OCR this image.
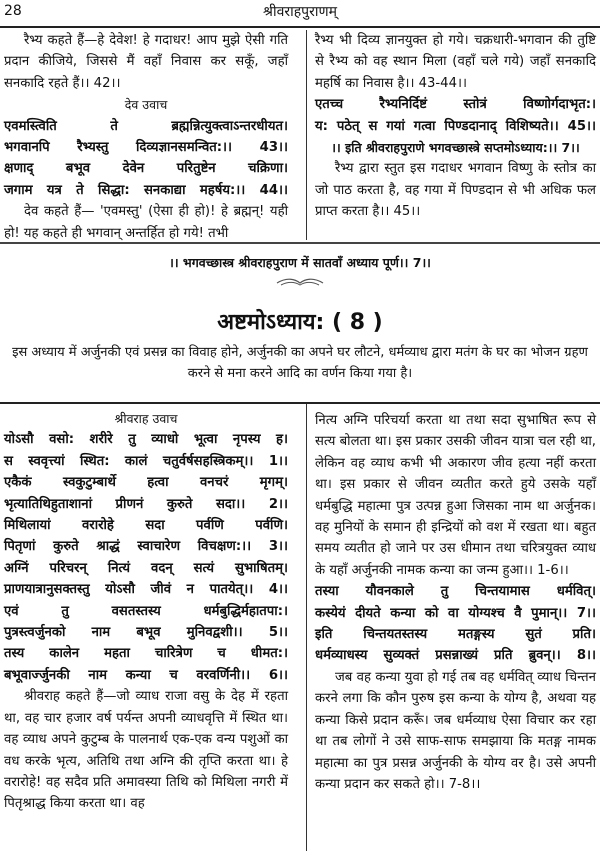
28	श्रीवराहपुराणम्

रैभ्य कहते हैं—हे देवेश! हे गदाधर! आप मुझे ऐसी गति प्रदान कीजिये, जिससे मैं वहाँ निवास कर सकूँ, जहाँ सनकादि रहते हैं।। 42।।

देव उवाच

एवमस्त्विति ते ब्रह्मन्नित्युक्त्वाऽन्तरधीयत।

भगवानपि रैभ्यस्तु दिव्यज्ञानसमन्वित:।। 43।।

क्षणाद् बभूव देवेन परितुष्टेन चक्रिणा।

जगाम यत्र ते सिद्धा: सनकाद्या महर्षय:।। 44।।

देव कहते हैं— 'एवमस्तु' (ऐसा ही हो)! हे ब्रह्मन्! यही हो! यह कहते ही भगवान् अन्तर्हित हो गये! तभी

रैभ्य भी दिव्य ज्ञानयुक्त हो गये। चक्रधारी-भगवान की तुष्टि से रैभ्य को वह स्थान मिला (वहाँ चले गये) जहाँ सनकादि महर्षि का निवास है।। 43-44।।

एतच्च रैभ्यनिर्दिष्टं स्तोत्रं विष्णोर्गदाभृत:।

य: पठेत् स गयां गत्वा पिण्डदानाद् विशिष्यते।। 45।।

।। इति श्रीवराहपुराणे भगवच्छास्त्रे सप्तमोऽध्याय:।। 7।।

रैभ्य द्वारा स्तुत इस गदाधर भगवान विष्णु के स्तोत्र का जो पाठ करता है, वह गया में पिण्डदान से भी अधिक फल प्राप्त करता है।। 45।।

।। भगवच्छास्त्र श्रीवराहपुराण में सातवाँ अध्याय पूर्ण।। 7।।
अष्टमोऽध्याय: ( 8 )
इस अध्याय में अर्जुनकी एवं प्रसन्न का विवाह होने, अर्जुनकी का अपने घर लौटने, धर्मव्याध द्वारा मतंग के घर का भोजन ग्रहण करने से मना करने आदि का वर्णन किया गया है।

श्रीवराह उवाच

योऽसौ वसो: शरीरे तु व्याधो भूत्वा नृपस्य ह।

स स्ववृत्त्यां स्थित: कालं चतुर्वर्षसहस्त्रिकम्।। 1।।

एकैकं स्वकुटुम्बार्थे हत्वा वनचरं मृगम्।

भृत्यातिथिहुताशानां प्रीणनं कुरुते सदा।। 2।।

मिथिलायां वरारोहे सदा पर्वणि पर्वणि।

पितृणां कुरुते श्राद्धं स्वाचारेण विचक्षण:।। 3।।

अग्निं परिचरन् नित्यं वदन् सत्यं सुभाषितम्।

प्राणयात्रानुसक्तस्तु योऽसौ जीवं न पातयेत्।। 4।।

एवं तु वसतस्तस्य धर्मबुद्धिर्महातपा:।

पुत्रस्त्वर्जुनको नाम बभूव मुनिवद्वशी।। 5।।

तस्य कालेन महता चारित्रेण च धीमत:।

बभूवार्ज्जुनकी नाम कन्या च वरवर्णिनी।। 6।।

श्रीवराह कहते हैं—जो व्याध राजा वसु के देह में रहता था, वह चार हजार वर्ष पर्यन्त अपनी व्याधवृत्ति में स्थित था। वह व्याध अपने कुटुम्ब के पालनार्थ एक-एक वन्य पशुओं का वध करके भृत्य, अतिथि तथा अग्नि की तृप्ति करता था। हे वरारोहे! वह सदैव प्रति अमावस्या तिथि को मिथिला नगरी में पितृश्राद्ध किया करता था। वह

नित्य अग्नि परिचर्या करता था तथा सदा सुभाषित रूप से सत्य बोलता था। इस प्रकार उसकी जीवन यात्रा चल रही था, लेकिन वह व्याध कभी भी अकारण जीव हत्या नहीं करता था। इस प्रकार से जीवन व्यतीत करते हुये उसके यहाँ धर्मबुद्धि महात्मा पुत्र उत्पन्न हुआ जिसका नाम था अर्जुनक। वह मुनियों के समान ही इन्द्रियों को वश में रखता था। बहुत समय व्यतीत हो जाने पर उस धीमान तथा चरित्रयुक्त व्याध के यहाँ अर्जुनकी नामक कन्या का जन्म हुआ।। 1-6।।

तस्या यौवनकाले तु चिन्तयामास धर्मवित्।

कस्येयं दीयते कन्या को वा योग्यश्च वै पुमान्।। 7।।

इति चिन्तयतस्तस्य मतङ्गस्य सुतं प्रति।

धर्मव्याधस्य सुव्यक्तं प्रसन्नाख्यं प्रति ब्रुवन्।। 8।।

जब वह कन्या युवा हो गई तब वह धर्मवित् व्याध चिन्तन करने लगा कि कौन पुरुष इस कन्या के योग्य है, अथवा यह कन्या किसे प्रदान करूँ। जब धर्मव्याध ऐसा विचार कर रहा था तब लोगों ने उसे साफ-साफ समझाया कि मतङ्ग नामक महात्मा का पुत्र प्रसन्न अर्जुनकी के योग्य वर है। उसे अपनी कन्या प्रदान कर सकते हो।। 7-8।।
